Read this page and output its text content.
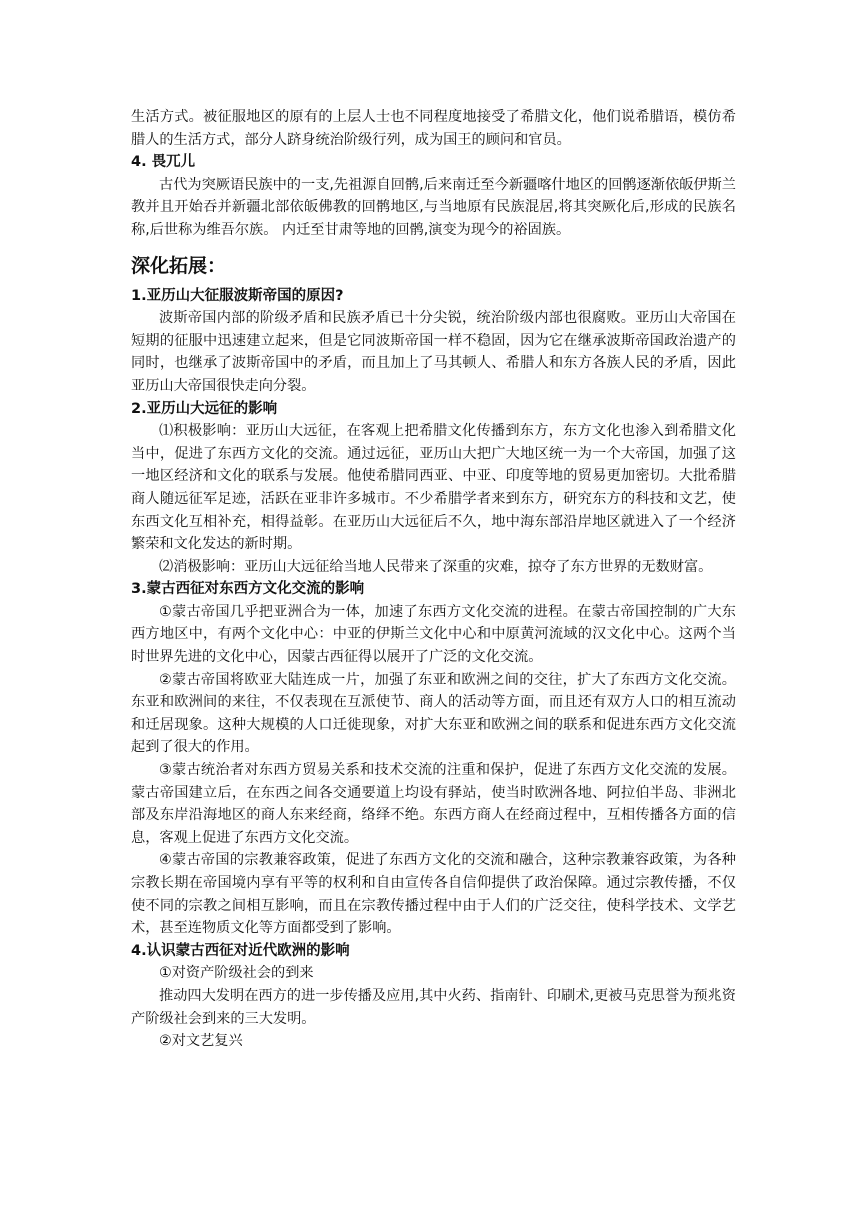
生活方式。被征服地区的原有的上层人士也不同程度地接受了希腊文化，他们说希腊语，模仿希腊人的生活方式，部分人跻身统治阶级行列，成为国王的顾问和官员。

4. 畏兀儿

古代为突厥语民族中的一支,先祖源自回鹘,后来南迁至今新疆喀什地区的回鹘逐渐依皈伊斯兰教并且开始吞并新疆北部依皈佛教的回鹘地区,与当地原有民族混居,将其突厥化后,形成的民族名称,后世称为维吾尔族。 内迁至甘肃等地的回鹘,演变为现今的裕固族。

深化拓展：

1.亚历山大征服波斯帝国的原因?

波斯帝国内部的阶级矛盾和民族矛盾已十分尖锐，统治阶级内部也很腐败。亚历山大帝国在短期的征服中迅速建立起来，但是它同波斯帝国一样不稳固，因为它在继承波斯帝国政治遗产的同时，也继承了波斯帝国中的矛盾，而且加上了马其顿人、希腊人和东方各族人民的矛盾，因此亚历山大帝国很快走向分裂。

2.亚历山大远征的影响

⑴积极影响：亚历山大远征，在客观上把希腊文化传播到东方，东方文化也渗入到希腊文化当中，促进了东西方文化的交流。通过远征，亚历山大把广大地区统一为一个大帝国，加强了这一地区经济和文化的联系与发展。他使希腊同西亚、中亚、印度等地的贸易更加密切。大批希腊商人随远征军足迹，活跃在亚非许多城市。不少希腊学者来到东方，研究东方的科技和文艺，使东西文化互相补充，相得益彰。在亚历山大远征后不久，地中海东部沿岸地区就进入了一个经济繁荣和文化发达的新时期。

⑵消极影响：亚历山大远征给当地人民带来了深重的灾难，掠夺了东方世界的无数财富。

3.蒙古西征对东西方文化交流的影响

①蒙古帝国几乎把亚洲合为一体，加速了东西方文化交流的进程。在蒙古帝国控制的广大东西方地区中，有两个文化中心：中亚的伊斯兰文化中心和中原黄河流域的汉文化中心。这两个当时世界先进的文化中心，因蒙古西征得以展开了广泛的文化交流。

②蒙古帝国将欧亚大陆连成一片，加强了东亚和欧洲之间的交往，扩大了东西方文化交流。东亚和欧洲间的来往，不仅表现在互派使节、商人的活动等方面，而且还有双方人口的相互流动和迁居现象。这种大规模的人口迁徙现象，对扩大东亚和欧洲之间的联系和促进东西方文化交流起到了很大的作用。

③蒙古统治者对东西方贸易关系和技术交流的注重和保护，促进了东西方文化交流的发展。蒙古帝国建立后，在东西之间各交通要道上均设有驿站，使当时欧洲各地、阿拉伯半岛、非洲北部及东岸沿海地区的商人东来经商，络绎不绝。东西方商人在经商过程中，互相传播各方面的信息，客观上促进了东西方文化交流。

④蒙古帝国的宗教兼容政策，促进了东西方文化的交流和融合，这种宗教兼容政策，为各种宗教长期在帝国境内享有平等的权利和自由宣传各自信仰提供了政治保障。通过宗教传播，不仅使不同的宗教之间相互影响，而且在宗教传播过程中由于人们的广泛交往，使科学技术、文学艺术，甚至连物质文化等方面都受到了影响。

4.认识蒙古西征对近代欧洲的影响

①对资产阶级社会的到来

推动四大发明在西方的进一步传播及应用,其中火药、指南针、印刷术,更被马克思誉为预兆资产阶级社会到来的三大发明。

②对文艺复兴
